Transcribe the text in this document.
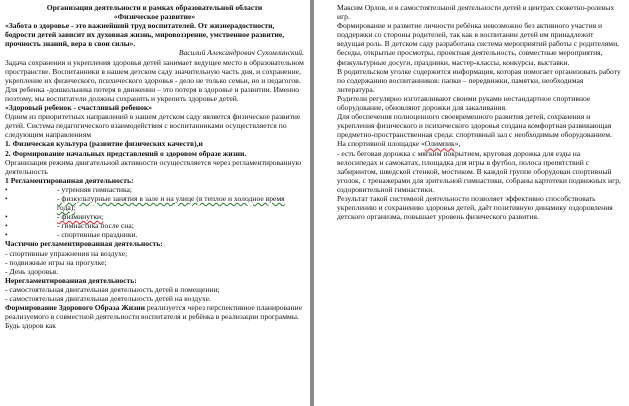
Организация деятельности в рамках образовательной области

«Физическое развитие»

«Забота о здоровье - это важнейший труд воспитателей. От жизнерадостности, бодрости детей зависит их духовная жизнь, мировоззрение, умственное развитие, прочность знаний, вера в свои силы».

Василий Александрович Сухомлинский.

Задача сохранения и укрепления здоровья детей занимает ведущее место в образовательном пространстве. Воспитанники в нашем детском саду значительную часть дня, и сохранение, укрепление их физического, психического здоровья - дело не только семьи, но и педагогов. Для ребенка -дошкольника потеря в движении – это потеря в здоровье и развитии. Именно поэтому, мы воспитатели должны сохранить и укрепить здоровье детей.

«Здоровый ребенок - счастливый ребенок»

Одним из приоритетных направлений в нашем детском саду является физическое развитие детей. Система педагогического взаимодействия с воспитанниками осуществляется по следующим направлениям

1. Физическая культура (развитие физических качеств),и

2. Формирование начальных представлений о здоровом образе жизни.

Организация режима двигательной активности осуществляется через регламентированную деятельность

1 Регламентированная деятельность:

•	- утренняя гимнастика;
•	- физкультурные занятия в зале и на улице (в теплое и холодное время года);
•	- физминутки;
•	- гимнастика после сна;
•	- спортивные праздники.

Частично регламентированная деятельность:

- спортивные упражнения на воздухе;

- подвижные игры на прогулке;

- День здоровья.

Нерегламентированная деятельность:

- самостоятельная двигательная деятельность детей в помещении;

- самостоятельная двигательная деятельность детей на воздухе.

Формирование Здорового Образа Жизни реализуется через перспективное планирование реализуемого в совместной деятельности воспитателя и ребёнка в реализации программы. Будь здоров как

Максим Орлов, и в самостоятельной деятельности детей в центрах сюжетно-ролевых игр.

Формирование и развитие личности ребёнка невозможно без активного участия и поддержки со стороны родителей, так как в воспитании детей им принадлежит ведущая роль. В детском саду разработана система мероприятий работы с родителями, беседы, открытые просмотры, проектная деятельность, совместные мероприятия, физкультурные досуги, праздники, мастер-классы, конкурсы, выставки.

В родительском уголке содержится информация, которая помогает организовать работу по содержанию воспитанников: папки – передвижки, памятки, необходимая литература.

Родители регулярно изготавливают своими руками нестандартное спортивное оборудование, обновляют дорожки для закаливания.

Для обеспечения полноценного своевременного развития детей, сохранения и укрепления физического и психического здоровья создана комфортная развивающая предметно-пространственная среда: спортивный зал с необходимым оборудованием. На спортивной площадке «Олимпик»,

- есть беговая дорожка с мягким покрытием, круговая дорожка для езды на велосипедах и самокатах, площадка для игры в футбол, полоса препятствий с лабиринтом, шведской стенкой, мостиком. В каждой группе оборудован спортивный уголок, с тренажерами для зрительной гимнастики, собраны картотеки подвижных игр, оздоровительной гимнастики.

Результат такой системной деятельности позволяет эффективно способствовать укреплению и сохранению здоровья детей, даёт позитивную динамику оздоровления детского организма, повышает уровень физического развития.
